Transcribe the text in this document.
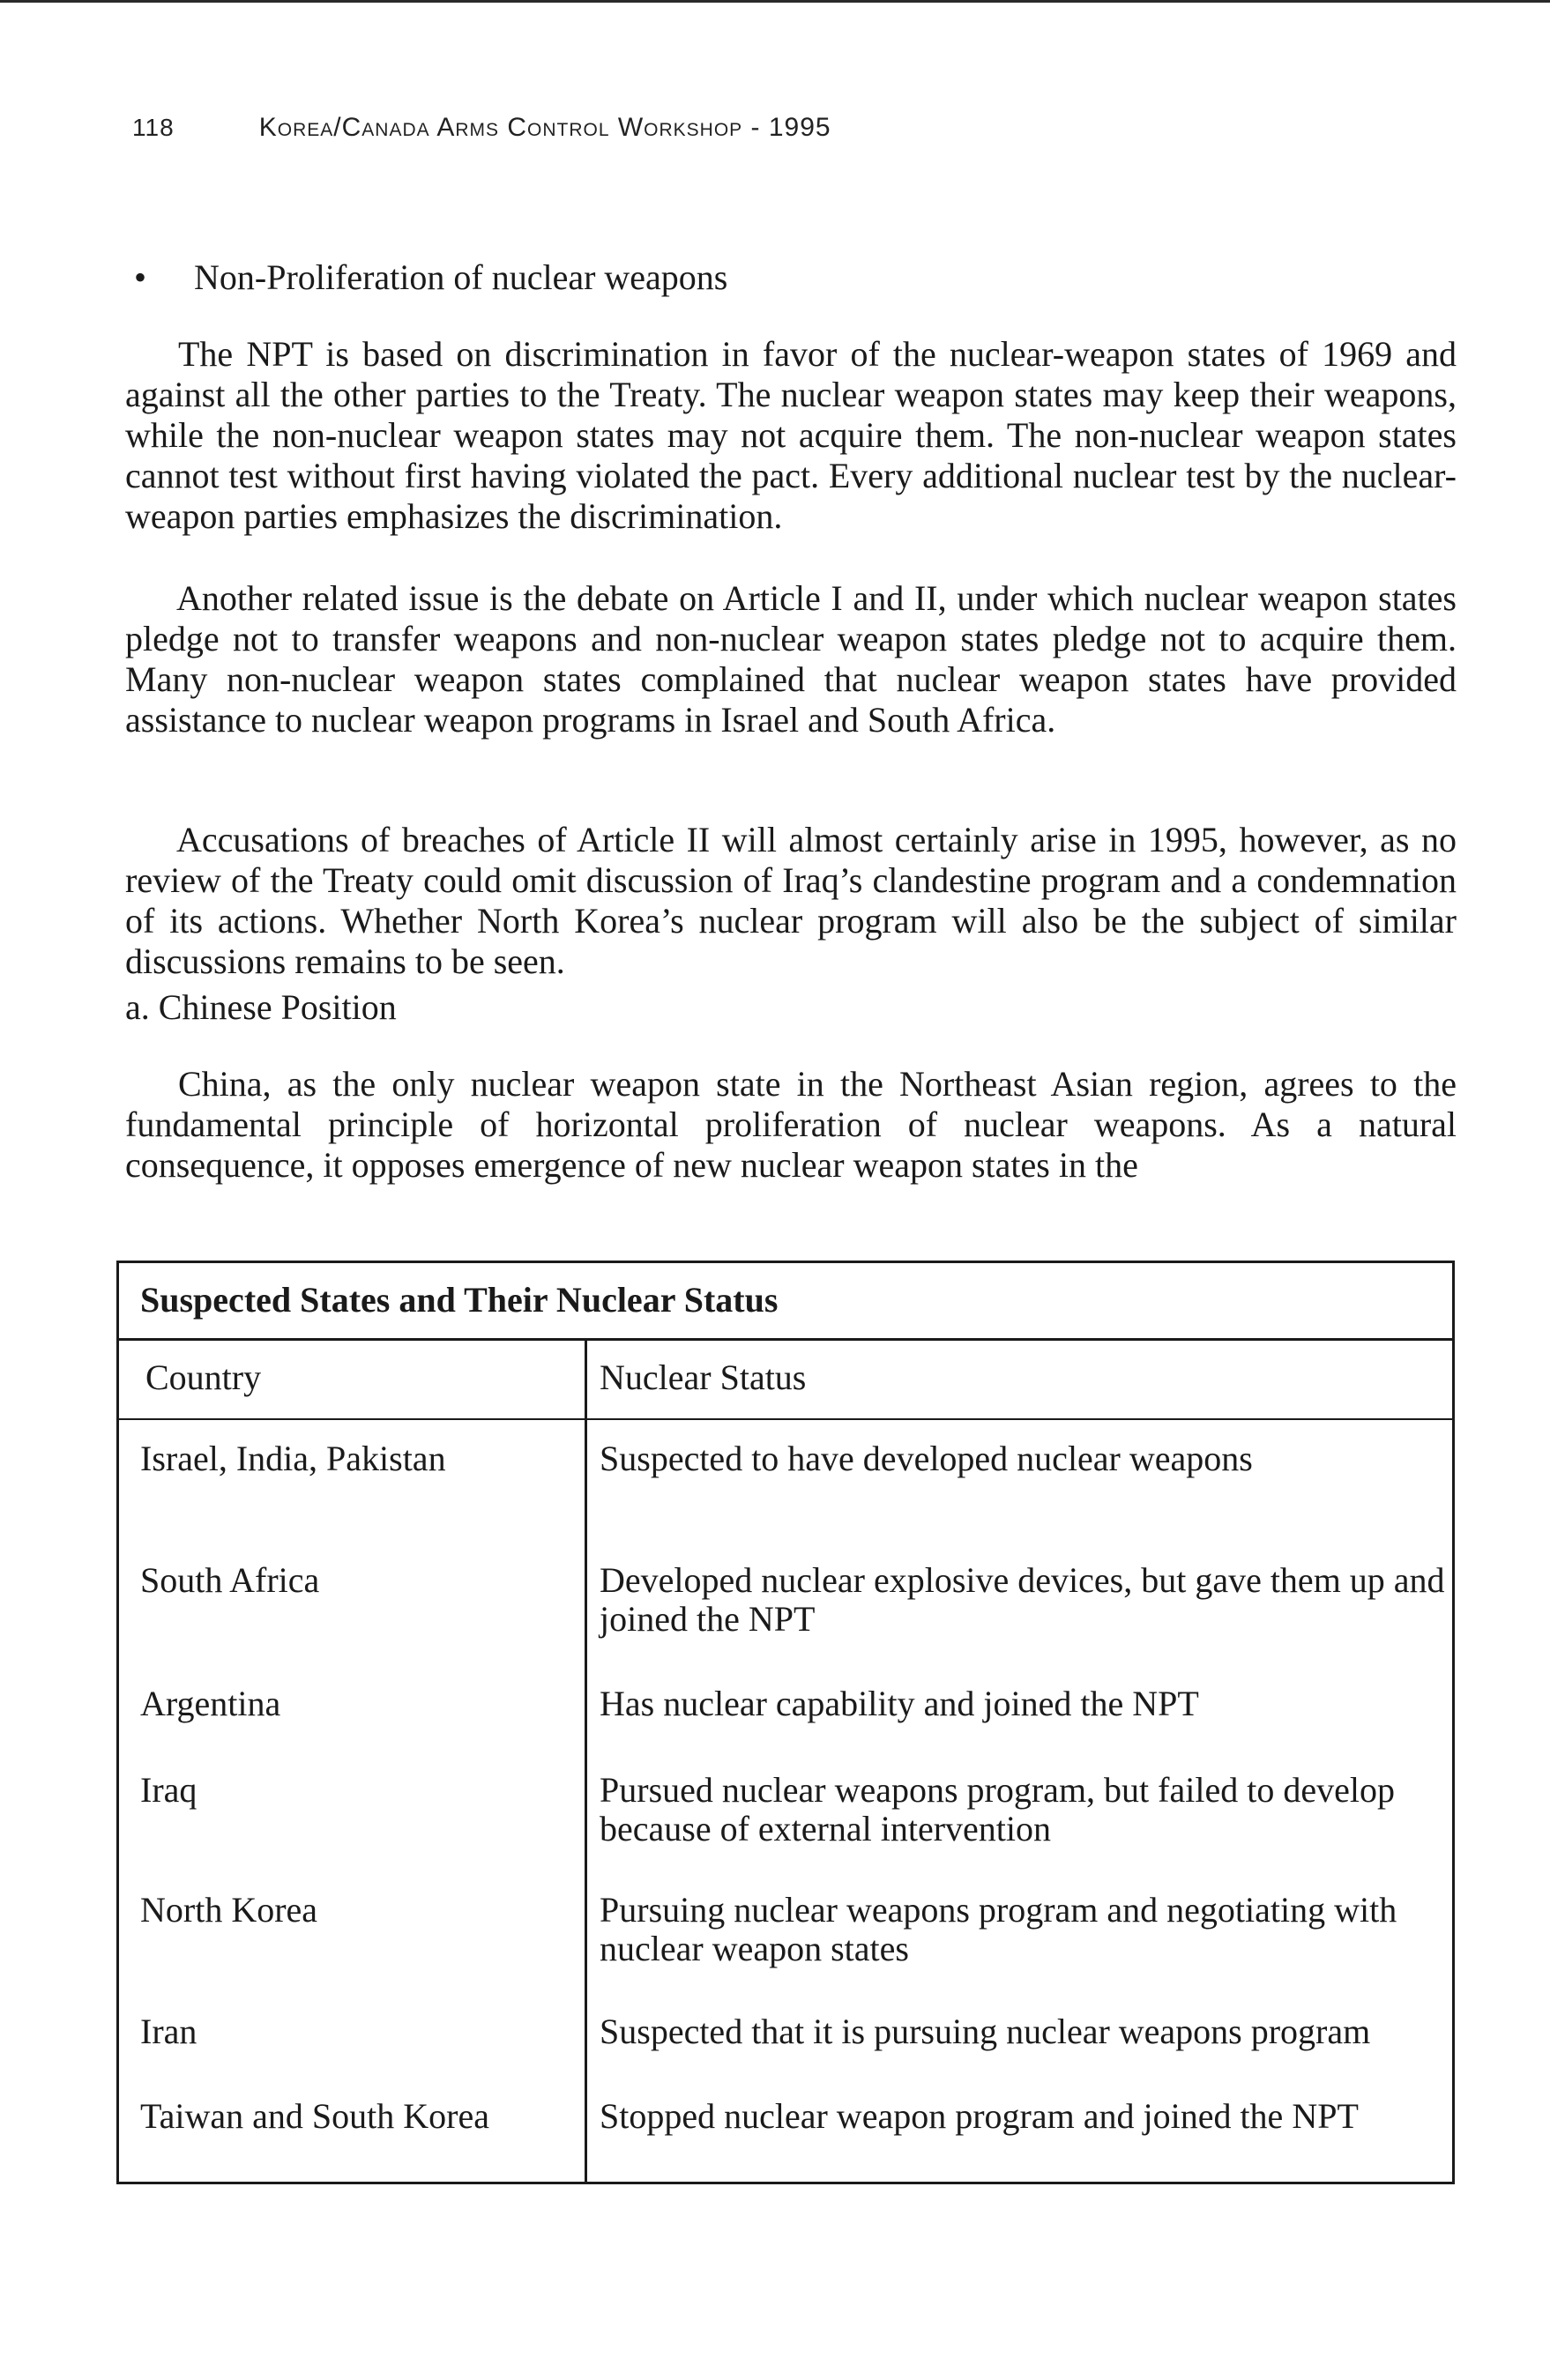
118	Korea/Canada Arms Control Workshop - 1995
• Non-Proliferation of nuclear weapons

The NPT is based on discrimination in favor of the nuclear-weapon states of 1969 and against all the other parties to the Treaty. The nuclear weapon states may keep their weapons, while the non-nuclear weapon states may not acquire them. The non-nuclear weapon states cannot test without first having violated the pact. Every additional nuclear test by the nuclear-weapon parties emphasizes the discrimination.

Another related issue is the debate on Article I and II, under which nuclear weapon states pledge not to transfer weapons and non-nuclear weapon states pledge not to acquire them. Many non-nuclear weapon states complained that nuclear weapon states have provided assistance to nuclear weapon programs in Israel and South Africa.

Accusations of breaches of Article II will almost certainly arise in 1995, however, as no review of the Treaty could omit discussion of Iraq’s clandestine program and a condemnation of its actions. Whether North Korea’s nuclear program will also be the subject of similar discussions remains to be seen.

a. Chinese Position

China, as the only nuclear weapon state in the Northeast Asian region, agrees to the fundamental principle of horizontal proliferation of nuclear weapons. As a natural consequence, it opposes emergence of new nuclear weapon states in the

Suspected States and Their Nuclear Status
Country	Nuclear Status
Israel, India, Pakistan	Suspected to have developed nuclear weapons
South Africa	Developed nuclear explosive devices, but gave them up and joined the NPT
Argentina	Has nuclear capability and joined the NPT
Iraq	Pursued nuclear weapons program, but failed to develop because of external intervention
North Korea	Pursuing nuclear weapons program and negotiating with nuclear weapon states
Iran	Suspected that it is pursuing nuclear weapons program
Taiwan and South Korea	Stopped nuclear weapon program and joined the NPT
